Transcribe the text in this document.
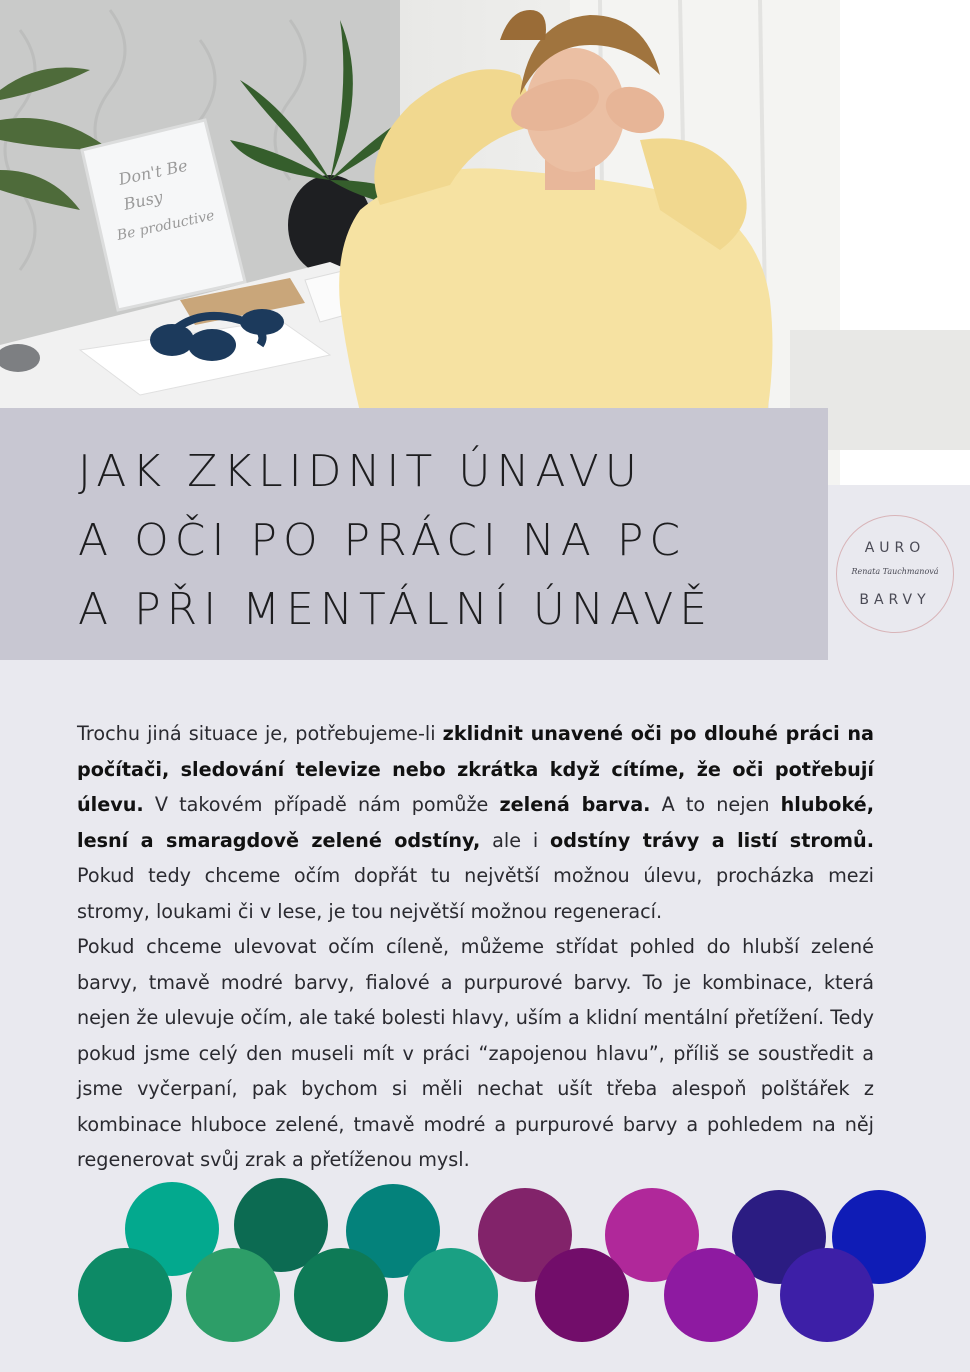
Don't Be
Busy
Be productive
JAK ZKLIDNIT ÚNAVU
A OČI PO PRÁCI NA PC
A PŘI MENTÁLNÍ ÚNAVĚ
AURO
Renata Tauchmanová
BARVY

Trochu jiná situace je, potřebujeme-li zklidnit unavené oči po dlouhé práci na počítači, sledování televize nebo zkrátka když cítíme, že oči potřebují úlevu. V takovém případě nám pomůže zelená barva. A to nejen hluboké, lesní a smaragdově zelené odstíny, ale i odstíny trávy a listí stromů. Pokud tedy chceme očím dopřát tu největší možnou úlevu, procházka mezi stromy, loukami či v lese, je tou největší možnou regenerací.

Pokud chceme ulevovat očím cíleně, můžeme střídat pohled do hlubší zelené barvy, tmavě modré barvy, fialové a purpurové barvy. To je kombinace, která nejen že ulevuje očím, ale také bolesti hlavy, uším a klidní mentální přetížení. Tedy pokud jsme celý den museli mít v práci “zapojenou hlavu”, příliš se soustředit a jsme vyčerpaní, pak bychom si měli nechat ušít třeba alespoň polštářek z kombinace hluboce zelené, tmavě modré a purpurové barvy a pohledem na něj regenerovat svůj zrak a přetíženou mysl.
